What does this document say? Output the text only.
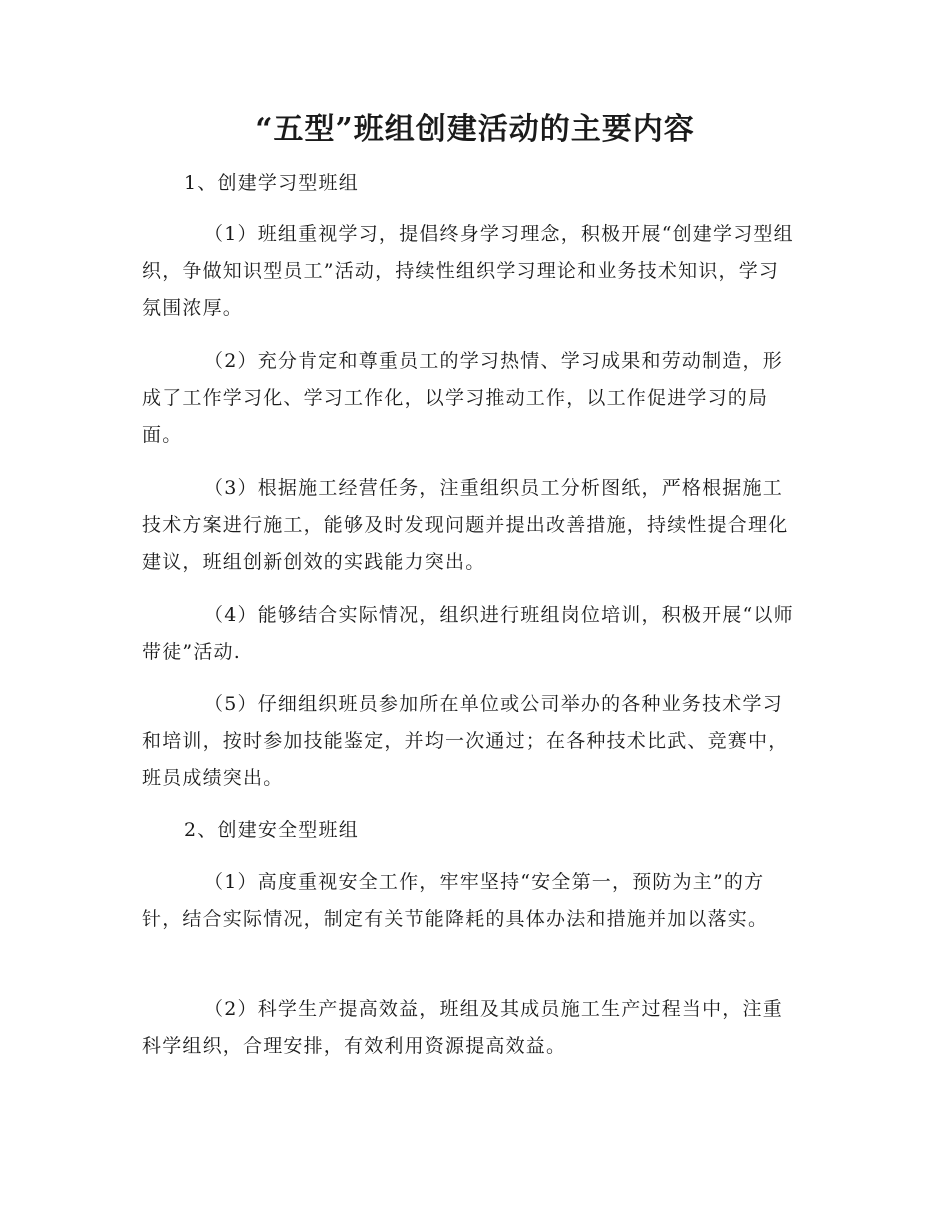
“五型”班组创建活动的主要内容

1、创建学习型班组

（1）班组重视学习，提倡终身学习理念，积极开展“创建学习型组织，争做知识型员工”活动，持续性组织学习理论和业务技术知识，学习氛围浓厚。

（2）充分肯定和尊重员工的学习热情、学习成果和劳动制造，形成了工作学习化、学习工作化，以学习推动工作，以工作促进学习的局面。

（3）根据施工经营任务，注重组织员工分析图纸，严格根据施工技术方案进行施工，能够及时发现问题并提出改善措施，持续性提合理化建议，班组创新创效的实践能力突出。

（4）能够结合实际情况，组织进行班组岗位培训，积极开展“以师带徒”活动.

（5）仔细组织班员参加所在单位或公司举办的各种业务技术学习和培训，按时参加技能鉴定，并均一次通过；在各种技术比武、竞赛中，班员成绩突出。

2、创建安全型班组

（1）高度重视安全工作，牢牢坚持“安全第一，预防为主”的方针，结合实际情况，制定有关节能降耗的具体办法和措施并加以落实。

（2）科学生产提高效益，班组及其成员施工生产过程当中，注重科学组织，合理安排，有效利用资源提高效益。
